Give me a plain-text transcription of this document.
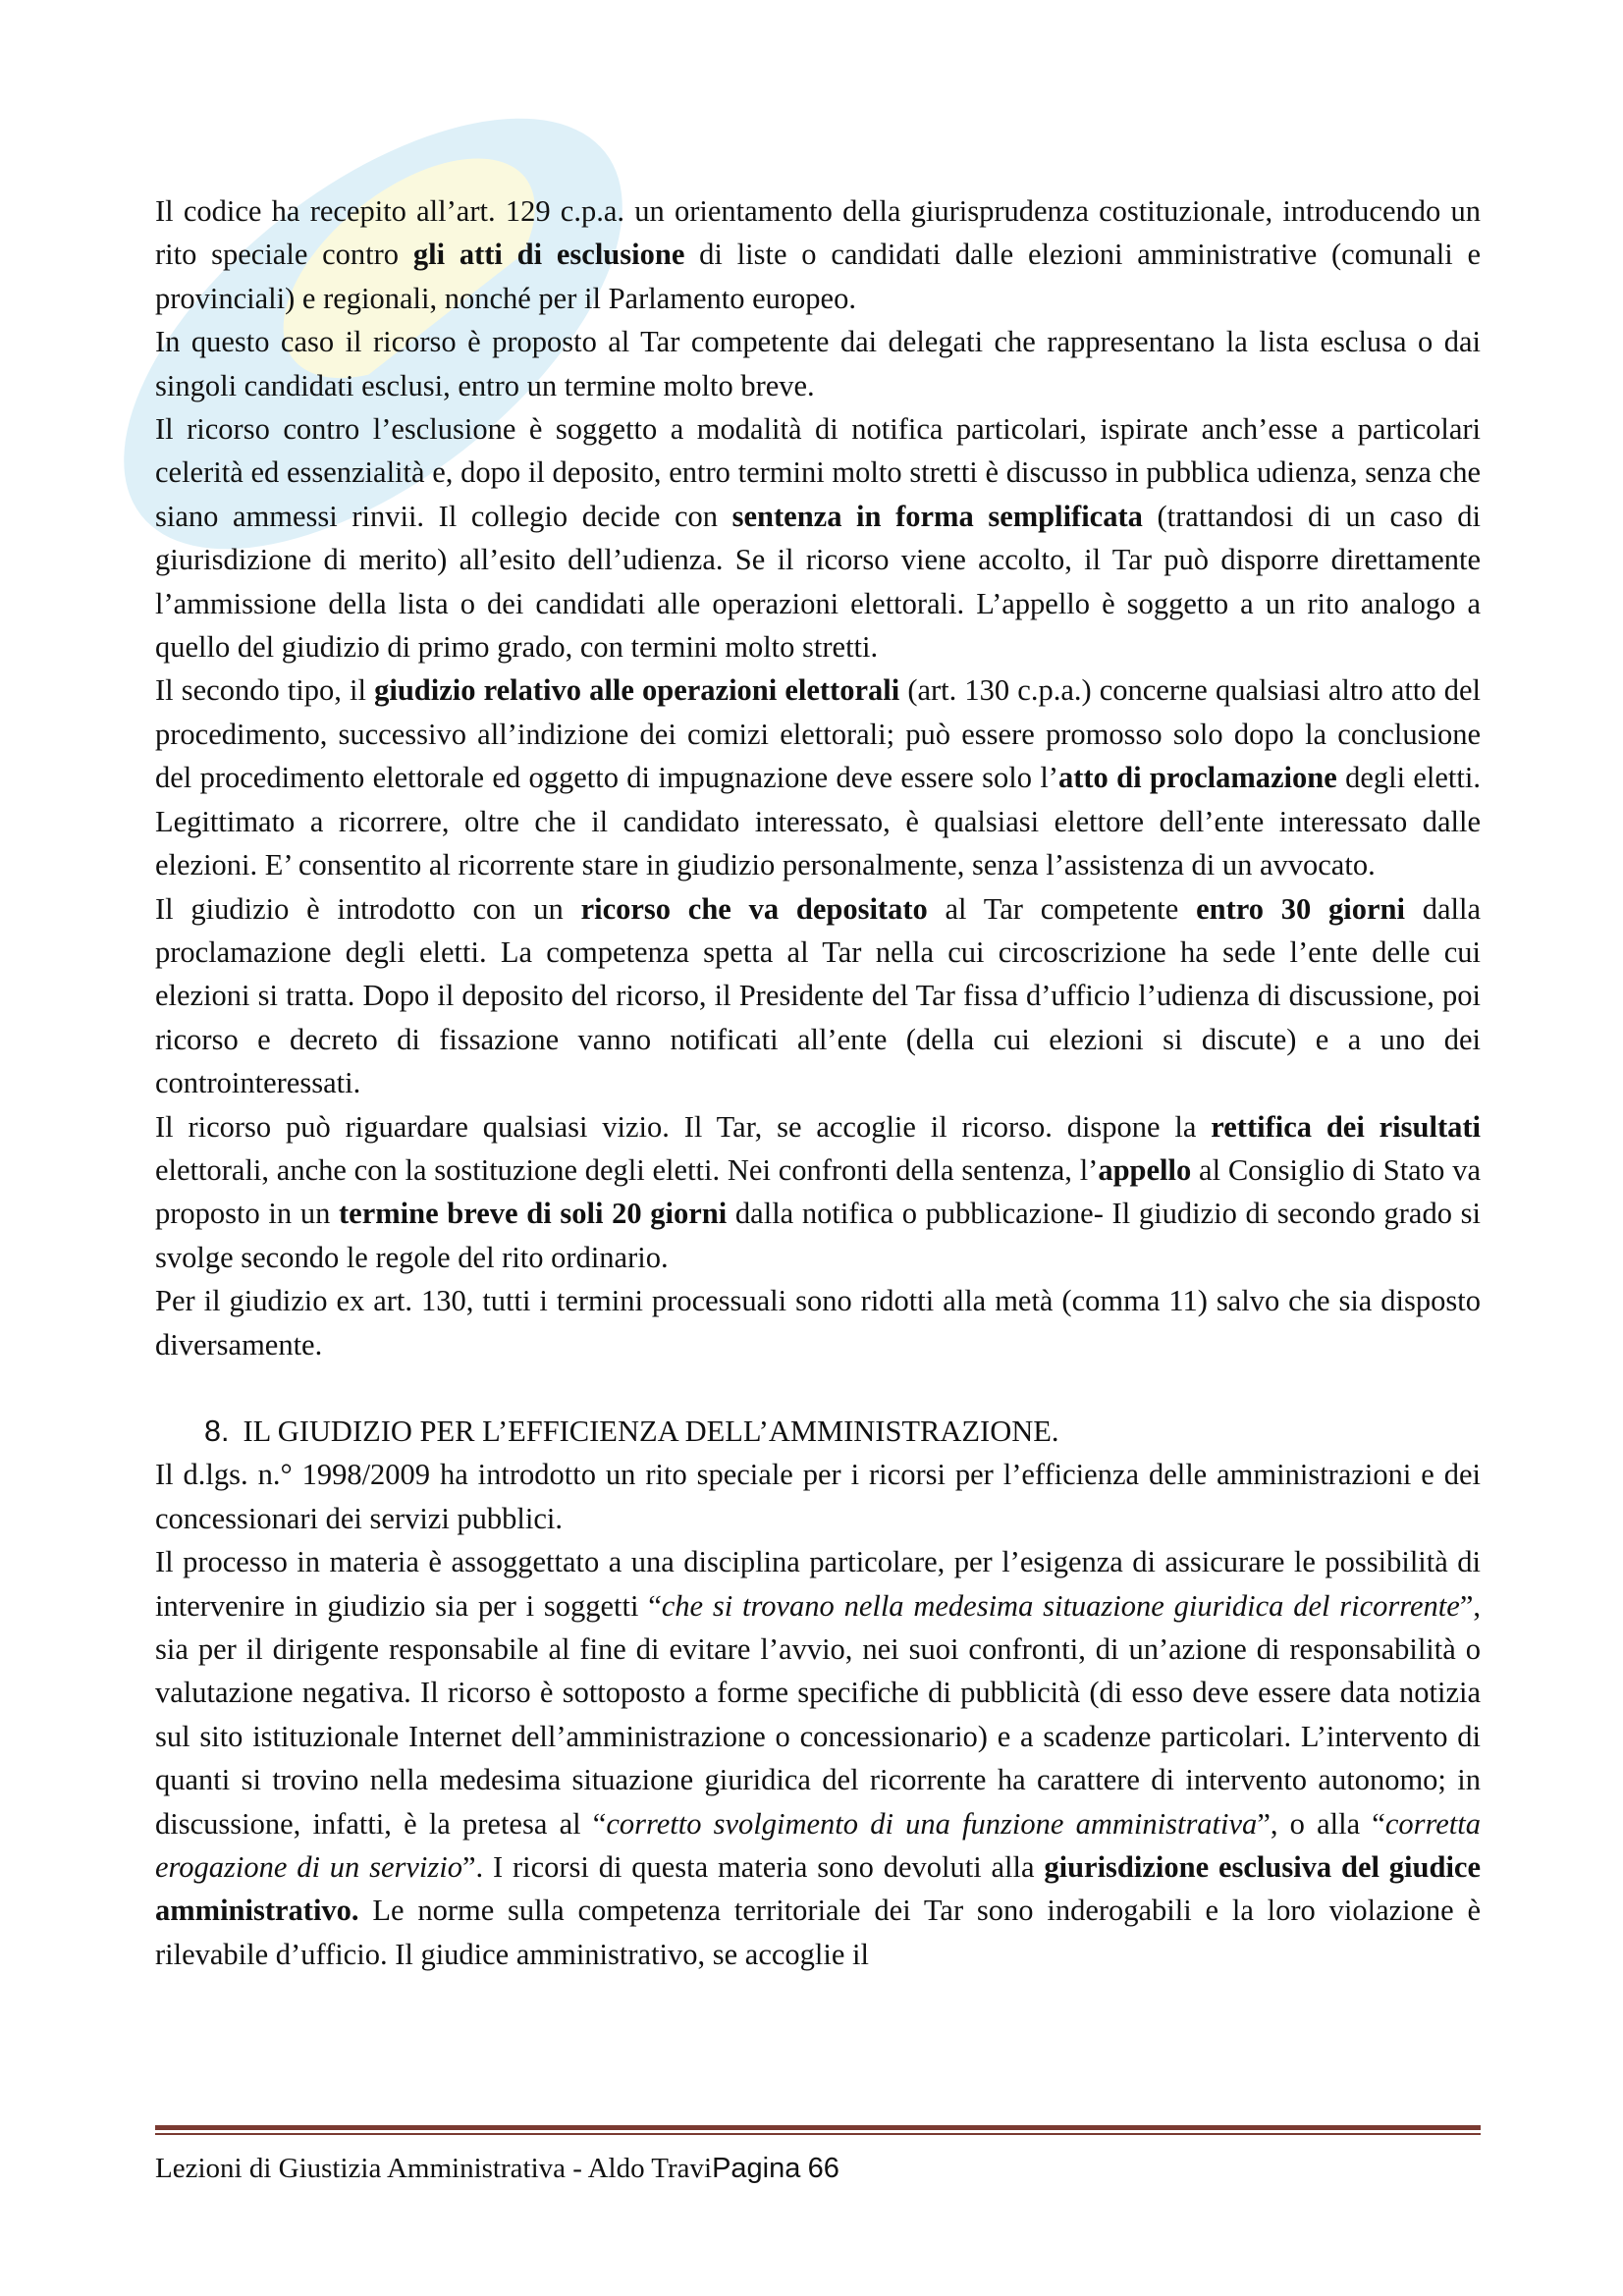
Il codice ha recepito all’art. 129 c.p.a. un orientamento della giurisprudenza costituzionale, introducendo un rito speciale contro gli atti di esclusione di liste o candidati dalle elezioni amministrative (comunali e provinciali) e regionali, nonché per il Parlamento europeo.

In questo caso il ricorso è proposto al Tar competente dai delegati che rappresentano la lista esclusa o dai singoli candidati esclusi, entro un termine molto breve.

Il ricorso contro l’esclusione è soggetto a modalità di notifica particolari, ispirate anch’esse a particolari celerità ed essenzialità e, dopo il deposito, entro termini molto stretti è discusso in pubblica udienza, senza che siano ammessi rinvii. Il collegio decide con sentenza in forma semplificata (trattandosi di un caso di giurisdizione di merito) all’esito dell’udienza. Se il ricorso viene accolto, il Tar può disporre direttamente l’ammissione della lista o dei candidati alle operazioni elettorali. L’appello è soggetto a un rito analogo a quello del giudizio di primo grado, con termini molto stretti.

Il secondo tipo, il giudizio relativo alle operazioni elettorali (art. 130 c.p.a.) concerne qualsiasi altro atto del procedimento, successivo all’indizione dei comizi elettorali; può essere promosso solo dopo la conclusione del procedimento elettorale ed oggetto di impugnazione deve essere solo l’atto di proclamazione degli eletti. Legittimato a ricorrere, oltre che il candidato interessato, è qualsiasi elettore dell’ente interessato dalle elezioni. E’ consentito al ricorrente stare in giudizio personalmente, senza l’assistenza di un avvocato.

Il giudizio è introdotto con un ricorso che va depositato al Tar competente entro 30 giorni dalla proclamazione degli eletti. La competenza spetta al Tar nella cui circoscrizione ha sede l’ente delle cui elezioni si tratta. Dopo il deposito del ricorso, il Presidente del Tar fissa d’ufficio l’udienza di discussione, poi ricorso e decreto di fissazione vanno notificati all’ente (della cui elezioni si discute) e a uno dei controinteressati.

Il ricorso può riguardare qualsiasi vizio. Il Tar, se accoglie il ricorso. dispone la rettifica dei risultati elettorali, anche con la sostituzione degli eletti. Nei confronti della sentenza, l’appello al Consiglio di Stato va proposto in un termine breve di soli 20 giorni dalla notifica o pubblicazione- Il giudizio di secondo grado si svolge secondo le regole del rito ordinario.

Per il giudizio ex art. 130, tutti i termini processuali sono ridotti alla metà (comma 11) salvo che sia disposto diversamente.

8. IL GIUDIZIO PER L’EFFICIENZA DELL’AMMINISTRAZIONE.

Il d.lgs. n.° 1998/2009 ha introdotto un rito speciale per i ricorsi per l’efficienza delle amministrazioni e dei concessionari dei servizi pubblici.

Il processo in materia è assoggettato a una disciplina particolare, per l’esigenza di assicurare le possibilità di intervenire in giudizio sia per i soggetti “che si trovano nella medesima situazione giuridica del ricorrente”, sia per il dirigente responsabile al fine di evitare l’avvio, nei suoi confronti, di un’azione di responsabilità o valutazione negativa. Il ricorso è sottoposto a forme specifiche di pubblicità (di esso deve essere data notizia sul sito istituzionale Internet dell’amministrazione o concessionario) e a scadenze particolari. L’intervento di quanti si trovino nella medesima situazione giuridica del ricorrente ha carattere di intervento autonomo; in discussione, infatti, è la pretesa al “corretto svolgimento di una funzione amministrativa”, o alla “corretta erogazione di un servizio”. I ricorsi di questa materia sono devoluti alla giurisdizione esclusiva del giudice amministrativo. Le norme sulla competenza territoriale dei Tar sono inderogabili e la loro violazione è rilevabile d’ufficio. Il giudice amministrativo, se accoglie il

Lezioni di Giustizia Amministrativa - Aldo TraviPagina 66
